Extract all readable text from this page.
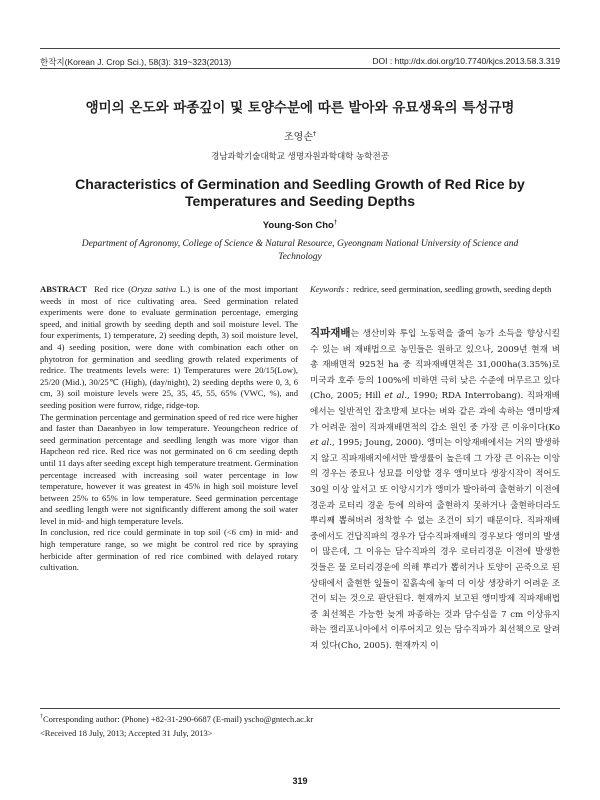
한작지(Korean J. Crop Sci.), 58(3): 319~323(2013)	DOI : http://dx.doi.org/10.7740/kjcs.2013.58.3.319
앵미의 온도와 파종깊이 및 토양수분에 따른 발아와 유묘생육의 특성규명
조영손†
경남과학기술대학교 생명자원과학대학 농학전공
Characteristics of Germination and Seedling Growth of Red Rice by Temperatures and Seeding Depths
Young-Son Cho†
Department of Agronomy, College of Science & Natural Resource, Gyeongnam National University of Science and Technology

ABSTRACT Red rice (Oryza sativa L.) is one of the most important weeds in most of rice cultivating area. Seed germination related experiments were done to evaluate germination percentage, emerging speed, and initial growth by seeding depth and soil moisture level. The four experiments, 1) temperature, 2) seeding depth, 3) soil moisture level, and 4) seeding position, were done with combination each other on phytotron for germination and seedling growth related experiments of redrice. The treatments levels were: 1) Temperatures were 20/15(Low), 25/20 (Mid.), 30/25℃ (High), (day/night), 2) seeding depths were 0, 3, 6 cm, 3) soil moisture levels were 25, 35, 45, 55, 65% (VWC, %), and seeding position were furrow, ridge, ridge-top.

The germination percentage and germination speed of red rice were higher and faster than Daeanbyeo in low temperature. Yeoungcheon redrice of seed germination percentage and seedling length was more vigor than Hapcheon red rice. Red rice was not germinated on 6 cm seeding depth until 11 days after seeding except high temperature treatment. Germination percentage increased with increasing soil water percentage in low temperature, however it was greatest in 45% in high soil moisture level between 25% to 65% in low temperature. Seed germination percentage and seedling length were not significantly different among the soil water level in mid- and high temperature levels.

In conclusion, red rice could germinate in top soil (<6 cm) in mid- and high temperature range, so we might be control red rice by spraying herbicide after germination of red rice combined with delayed rotary cultivation.

Keywords : redrice, seed germination, seedling growth, seeding depth
직파재배는 생산비와 투입 노동력을 줄여 농가 소득을 향상시킬 수 있는 벼 재배법으로 농민들은 원하고 있으나, 2009년 현재 벼 총 재배면적 925천 ha 중 직파재배면적은 31,000ha(3.35%)로 미국과 호주 등의 100%에 비하면 극히 낮은 수준에 머무르고 있다(Cho, 2005; Hill et al., 1990; RDA Interrobang). 직파재배에서는 일반적인 잡초방제 보다는 벼와 같은 과에 속하는 앵미방제가 어려운 점이 직파재배면적의 감소 원인 중 가장 큰 이유이다(Ko et al., 1995; Joung, 2000). 앵미는 이앙재배에서는 거의 발생하지 않고 직파재배지에서만 발생률이 높은데 그 가장 큰 이유는 이앙의 경우는 중묘나 성묘를 이앙할 경우 앵미보다 생장시작이 적어도 30일 이상 앞서고 또 이앙시기가 앵미가 발아하여 출현하기 이전에 경운과 로터리 경운 등에 의하여 출현하지 못하거나 출현하더라도 뿌리째 뽑혀버려 정착할 수 없는 조건이 되기 때문이다. 직파재배 중에서도 건답직파의 경우가 담수직파재배의 경우보다 앵미의 발생이 많은데, 그 이유는 담수직파의 경우 로터리경운 이전에 발생한 것들은 물 로터리경운에 의해 뿌리가 뽑히거나 토양이 곤죽으로 된 상태에서 출현한 잎들이 짙흙속에 놓여 더 이상 생장하기 어려운 조건이 되는 것으로 판단된다. 현재까지 보고된 앵미방제 직파재배법중 최선책은 가능한 늦게 파종하는 것과 담수심을 7 cm 이상유지하는 캘리포니아에서 이루어지고 있는 담수직파가 최선책으로 알려져 있다(Cho, 2005). 현재까지 이
†Corresponding author: (Phone) +82-31-290-6687 (E-mail) yscho@gntech.ac.kr
<Received 18 July, 2013; Accepted 31 July, 2013>
319
